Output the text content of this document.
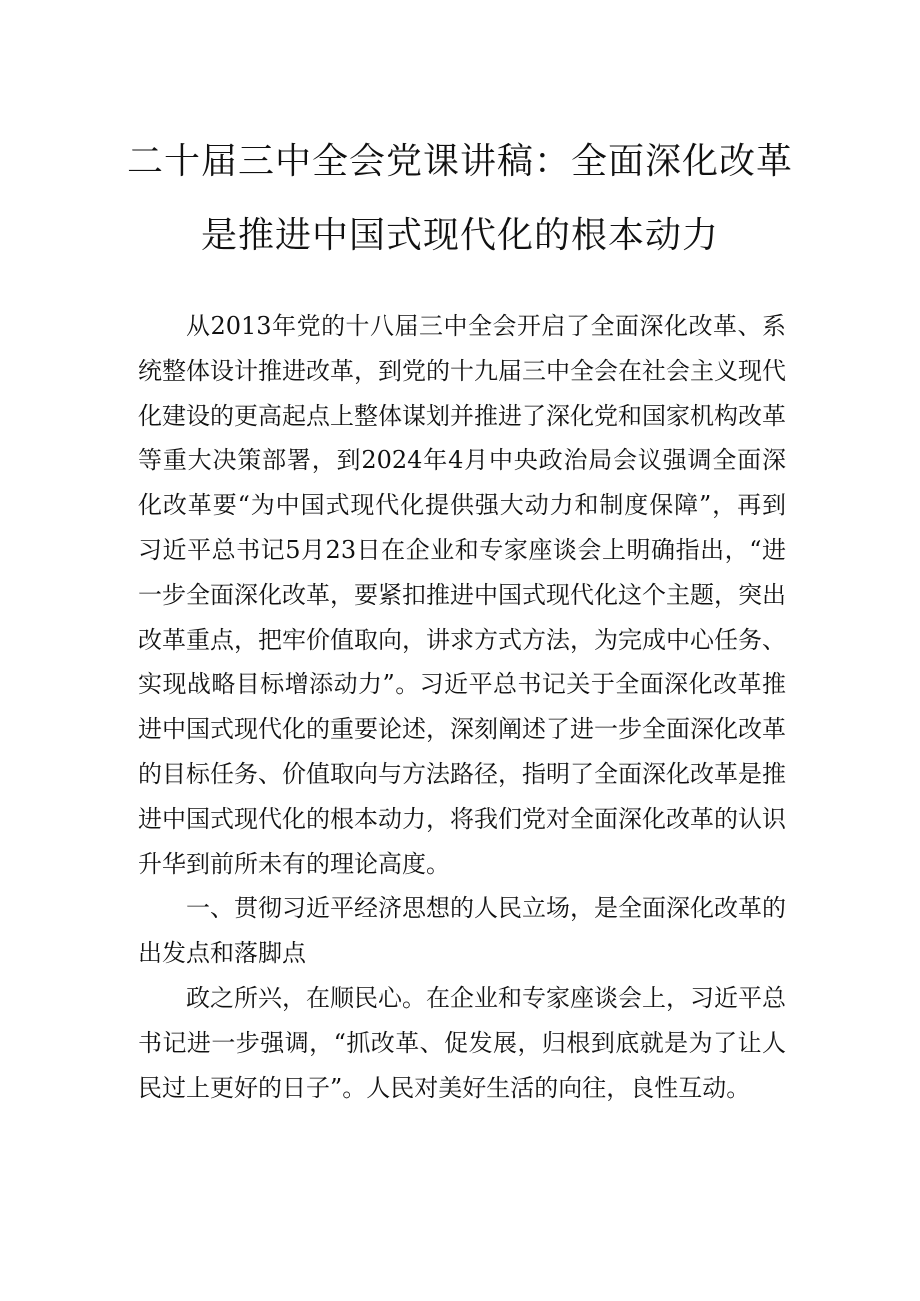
二十届三中全会党课讲稿：全面深化改革
是推进中国式现代化的根本动力

从2013年党的十八届三中全会开启了全面深化改革、系统整体设计推进改革，到党的十九届三中全会在社会主义现代化建设的更高起点上整体谋划并推进了深化党和国家机构改革等重大决策部署，到2024年4月中央政治局会议强调全面深化改革要“为中国式现代化提供强大动力和制度保障”，再到习近平总书记5月23日在企业和专家座谈会上明确指出，“进一步全面深化改革，要紧扣推进中国式现代化这个主题，突出改革重点，把牢价值取向，讲求方式方法，为完成中心任务、实现战略目标增添动力”。习近平总书记关于全面深化改革推进中国式现代化的重要论述，深刻阐述了进一步全面深化改革的目标任务、价值取向与方法路径，指明了全面深化改革是推进中国式现代化的根本动力，将我们党对全面深化改革的认识升华到前所未有的理论高度。

一、贯彻习近平经济思想的人民立场，是全面深化改革的出发点和落脚点

政之所兴，在顺民心。在企业和专家座谈会上，习近平总书记进一步强调，“抓改革、促发展，归根到底就是为了让人民过上更好的日子”。人民对美好生活的向往，良性互动。
